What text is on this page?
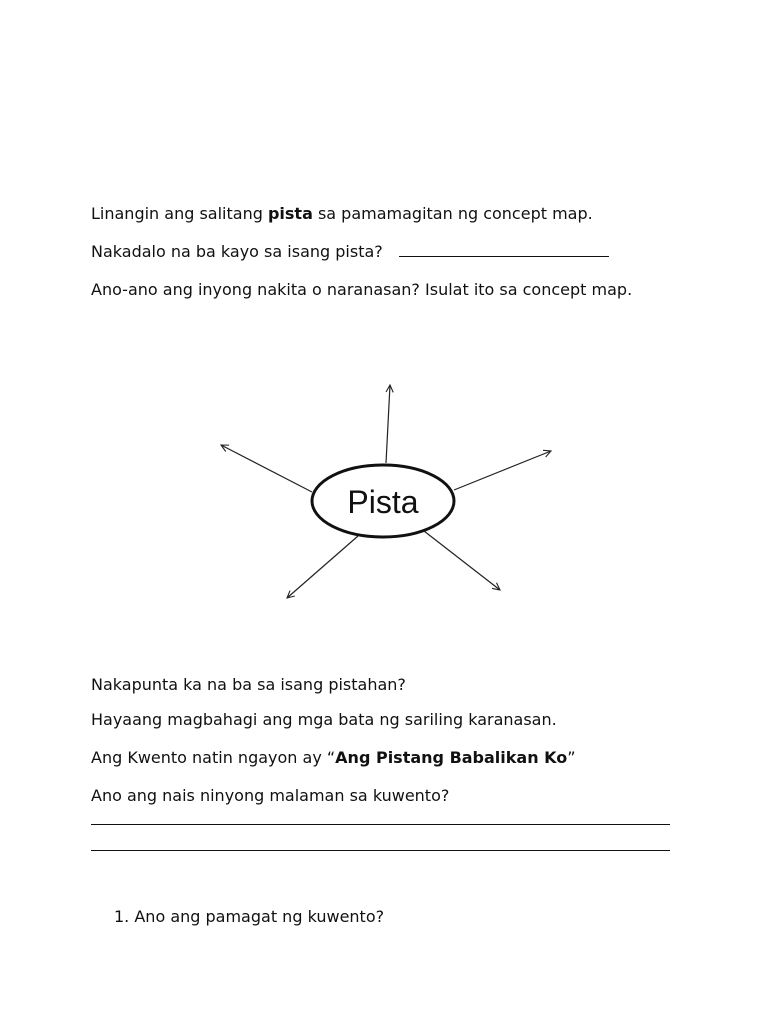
Linangin ang salitang pista sa pamamagitan ng concept map.
Nakadalo na ba kayo sa isang pista?
Ano-ano ang inyong nakita o naranasan? Isulat ito sa concept map.
Pista
Nakapunta ka na ba sa isang pistahan?
Hayaang magbahagi ang mga bata ng sariling karanasan.
Ang Kwento natin ngayon ay “Ang Pistang Babalikan Ko”
Ano ang nais ninyong malaman sa kuwento?
1. Ano ang pamagat ng kuwento?
